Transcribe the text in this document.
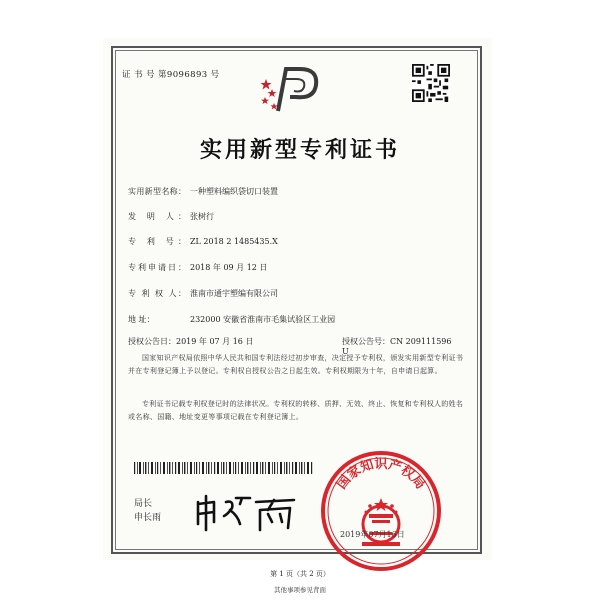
证 书 号 第9096893 号
实用新型专利证书
实用新型名称： 一种塑料编织袋切口装置
发 明 人： 张树行
专 利 号： ZL 2018 2 1485435.X
专利申请日： 2018 年 09 月 12 日
专 利 权 人： 淮南市通宇塑编有限公司
地 址：	232000 安徽省淮南市毛集试验区工业园
授权公告日：2019 年 07 月 16 日	授权公告号：CN 209111596 U
国家知识产权局依照中华人民共和国专利法经过初步审查，决定授予专利权，颁发实用新型专利证书并在专利登记簿上予以登记。专利权自授权公告之日起生效。专利权期限为十年，自申请日起算。
专利证书记载专利权登记时的法律状况。专利权的转移、质押、无效、终止、恢复和专利权人的姓名或名称、国籍、地址变更等事项记载在专利登记簿上。
局长
申长雨
国家知识产权局
2019年07月16日
第 1 页（共 2 页）
其他事项参见背面
